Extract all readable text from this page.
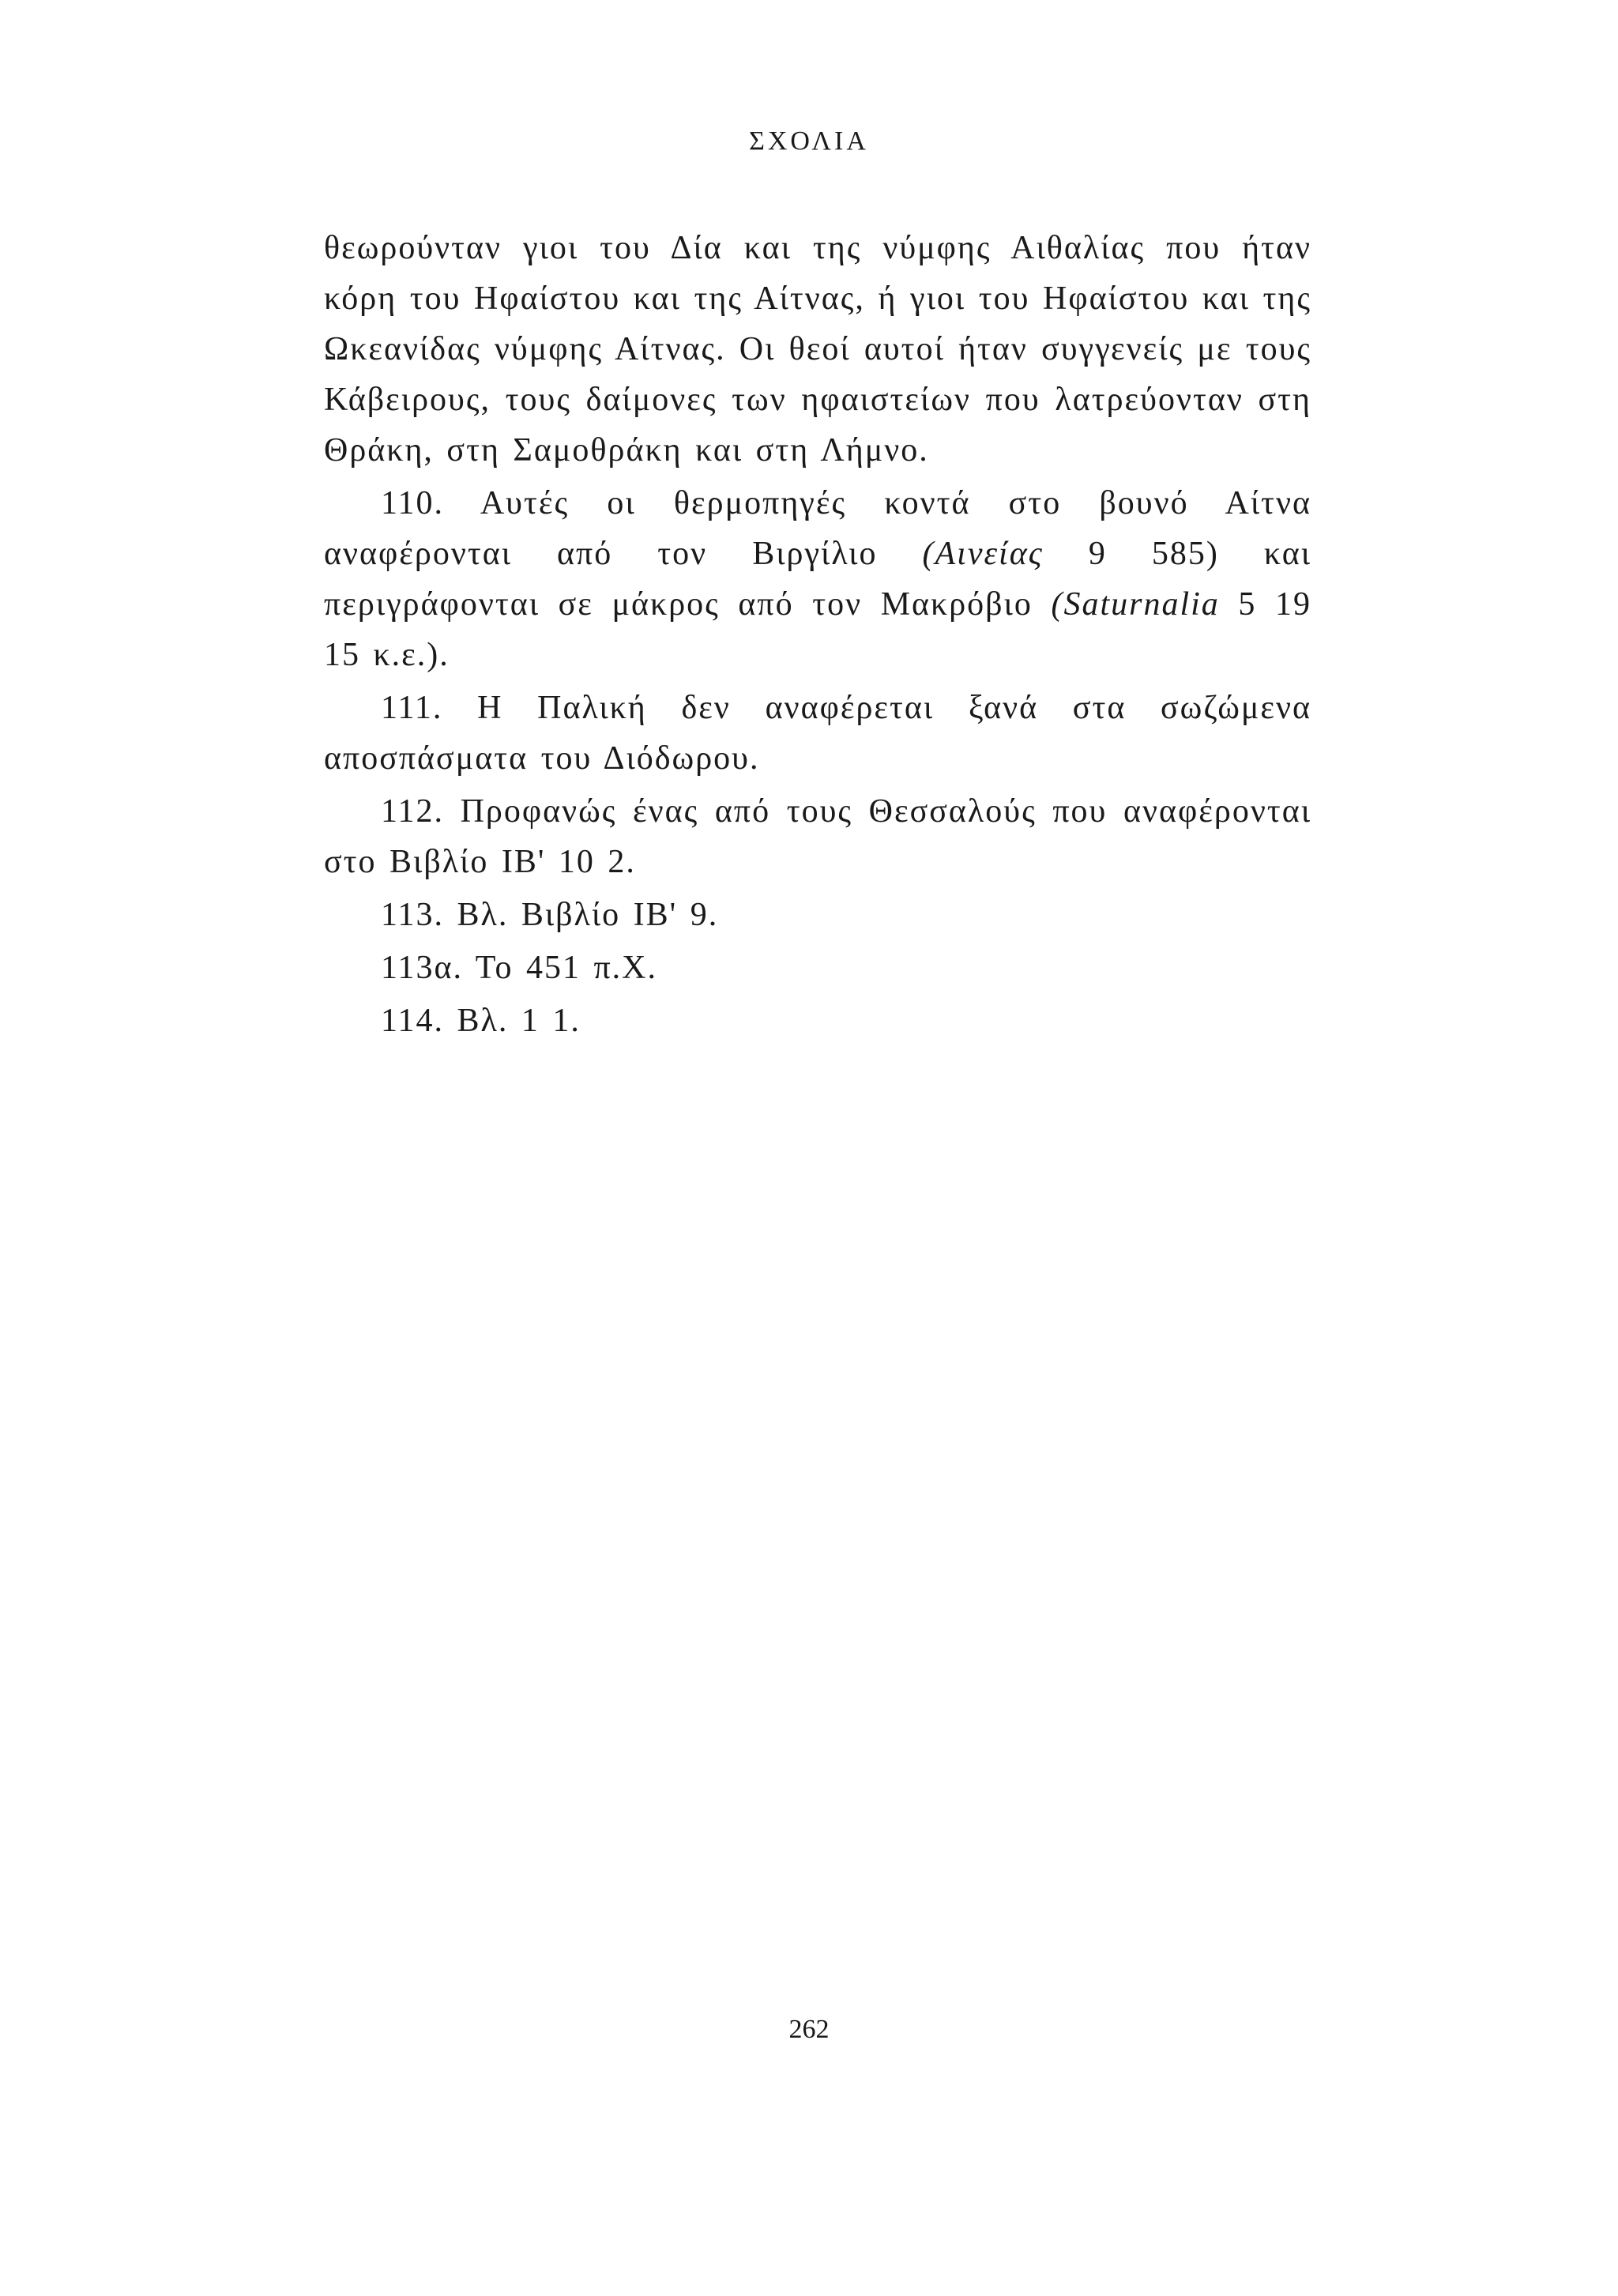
ΣΧΟΛΙΑ

θεωρούνταν γιοι του Δία και της νύμφης Αιθαλίας που ήταν κόρη του Ηφαίστου και της Αίτνας, ή γιοι του Ηφαίστου και της Ωκεανίδας νύμφης Αίτνας. Οι θεοί αυτοί ήταν συγγενείς με τους Κάβειρους, τους δαίμονες των ηφαιστείων που λατρεύονταν στη Θράκη, στη Σαμοθράκη και στη Λήμνο.

110. Αυτές οι θερμοπηγές κοντά στο βουνό Αίτνα αναφέρονται από τον Βιργίλιο (Αινείας 9 585) και περιγράφονται σε μάκρος από τον Μακρόβιο (Saturnalia 5 19 15 κ.ε.).

111. Η Παλική δεν αναφέρεται ξανά στα σωζώμενα αποσπάσματα του Διόδωρου.

112. Προφανώς ένας από τους Θεσσαλούς που αναφέρονται στο Βιβλίο ΙΒ' 10 2.

113. Βλ. Βιβλίο ΙΒ' 9.

113α. Το 451 π.Χ.

114. Βλ. 1 1.

262
